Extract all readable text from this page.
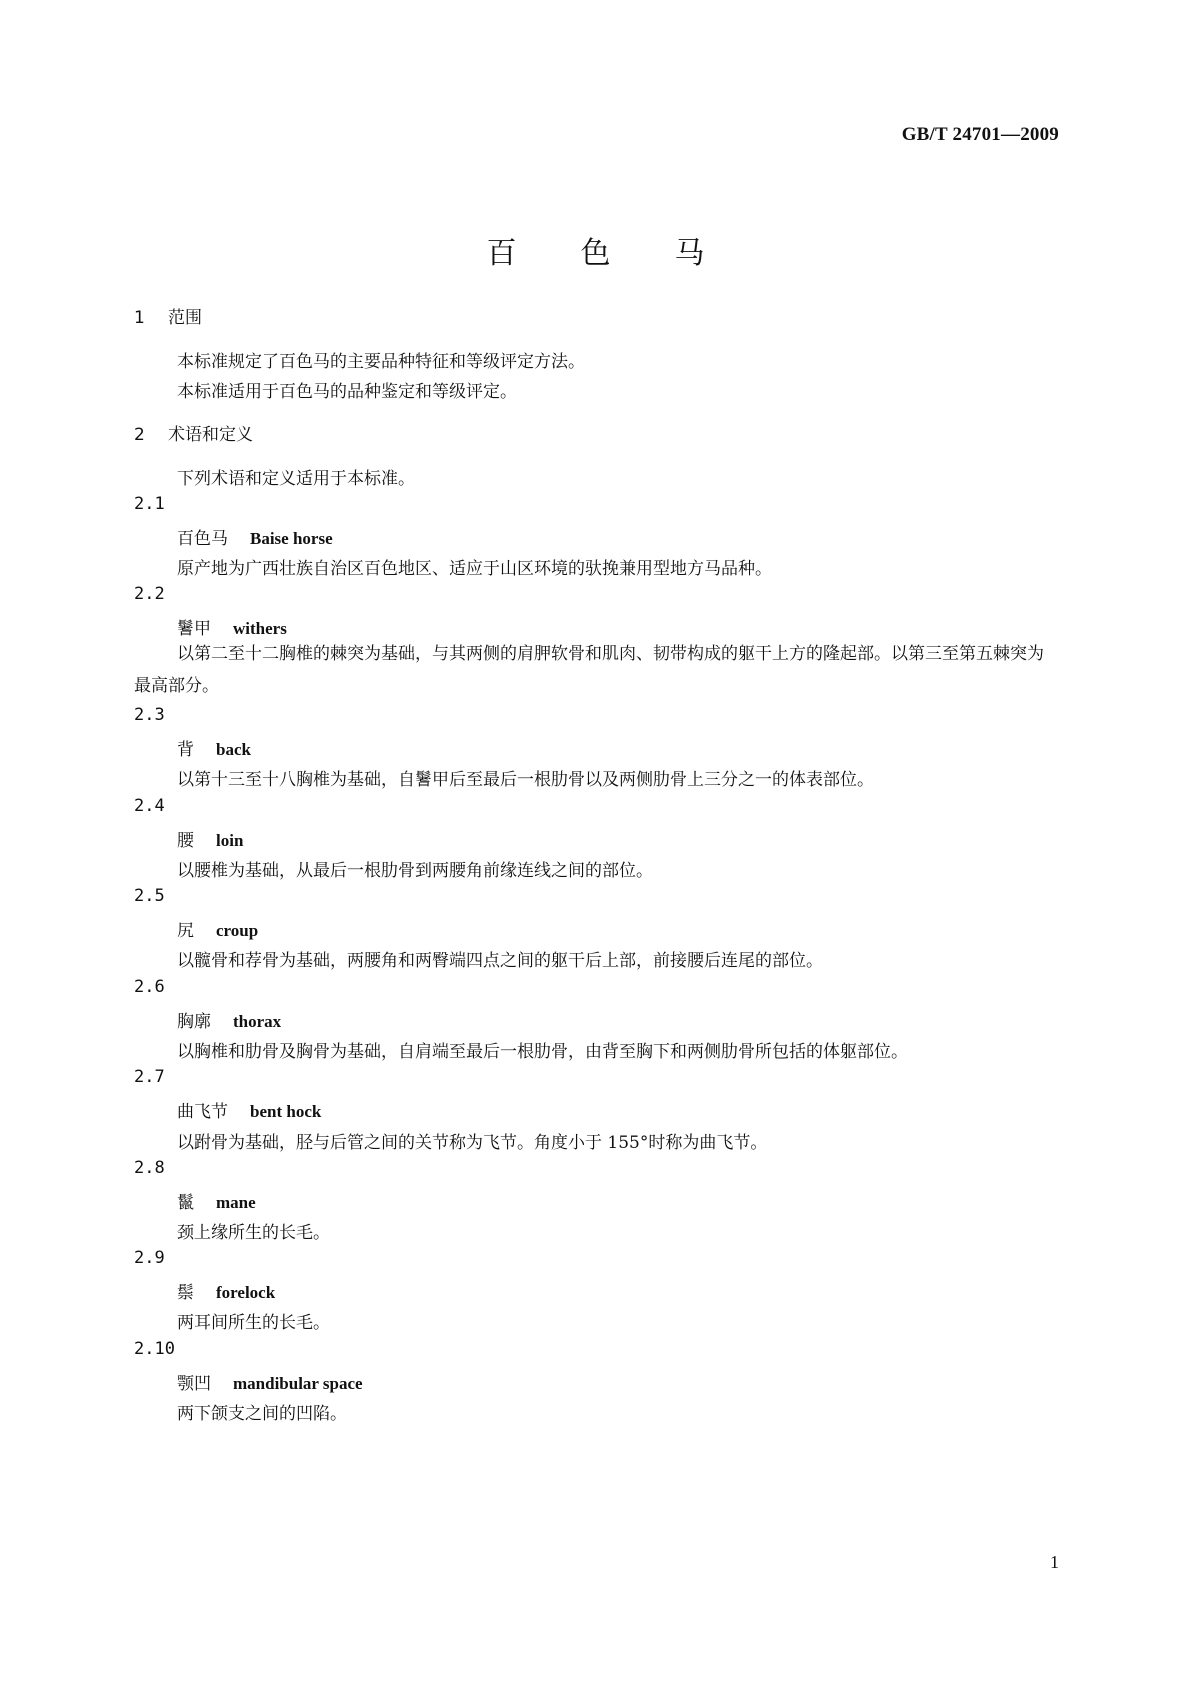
GB/T 24701—2009
百色马
1 范围
本标准规定了百色马的主要品种特征和等级评定方法。
本标准适用于百色马的品种鉴定和等级评定。
2 术语和定义
下列术语和定义适用于本标准。
2.1
百色马 Baise horse
原产地为广西壮族自治区百色地区、适应于山区环境的驮挽兼用型地方马品种。
2.2
鬐甲 withers
以第二至十二胸椎的棘突为基础，与其两侧的肩胛软骨和肌肉、韧带构成的躯干上方的隆起部。以第三至第五棘突为最高部分。
2.3
背 back
以第十三至十八胸椎为基础，自鬐甲后至最后一根肋骨以及两侧肋骨上三分之一的体表部位。
2.4
腰 loin
以腰椎为基础，从最后一根肋骨到两腰角前缘连线之间的部位。
2.5
尻 croup
以髋骨和荐骨为基础，两腰角和两臀端四点之间的躯干后上部，前接腰后连尾的部位。
2.6
胸廓 thorax
以胸椎和肋骨及胸骨为基础，自肩端至最后一根肋骨，由背至胸下和两侧肋骨所包括的体躯部位。
2.7
曲飞节 bent hock
以跗骨为基础，胫与后管之间的关节称为飞节。角度小于 155°时称为曲飞节。
2.8
鬣 mane
颈上缘所生的长毛。
2.9
鬃 forelock
两耳间所生的长毛。
2.10
颚凹 mandibular space
两下颌支之间的凹陷。
1
